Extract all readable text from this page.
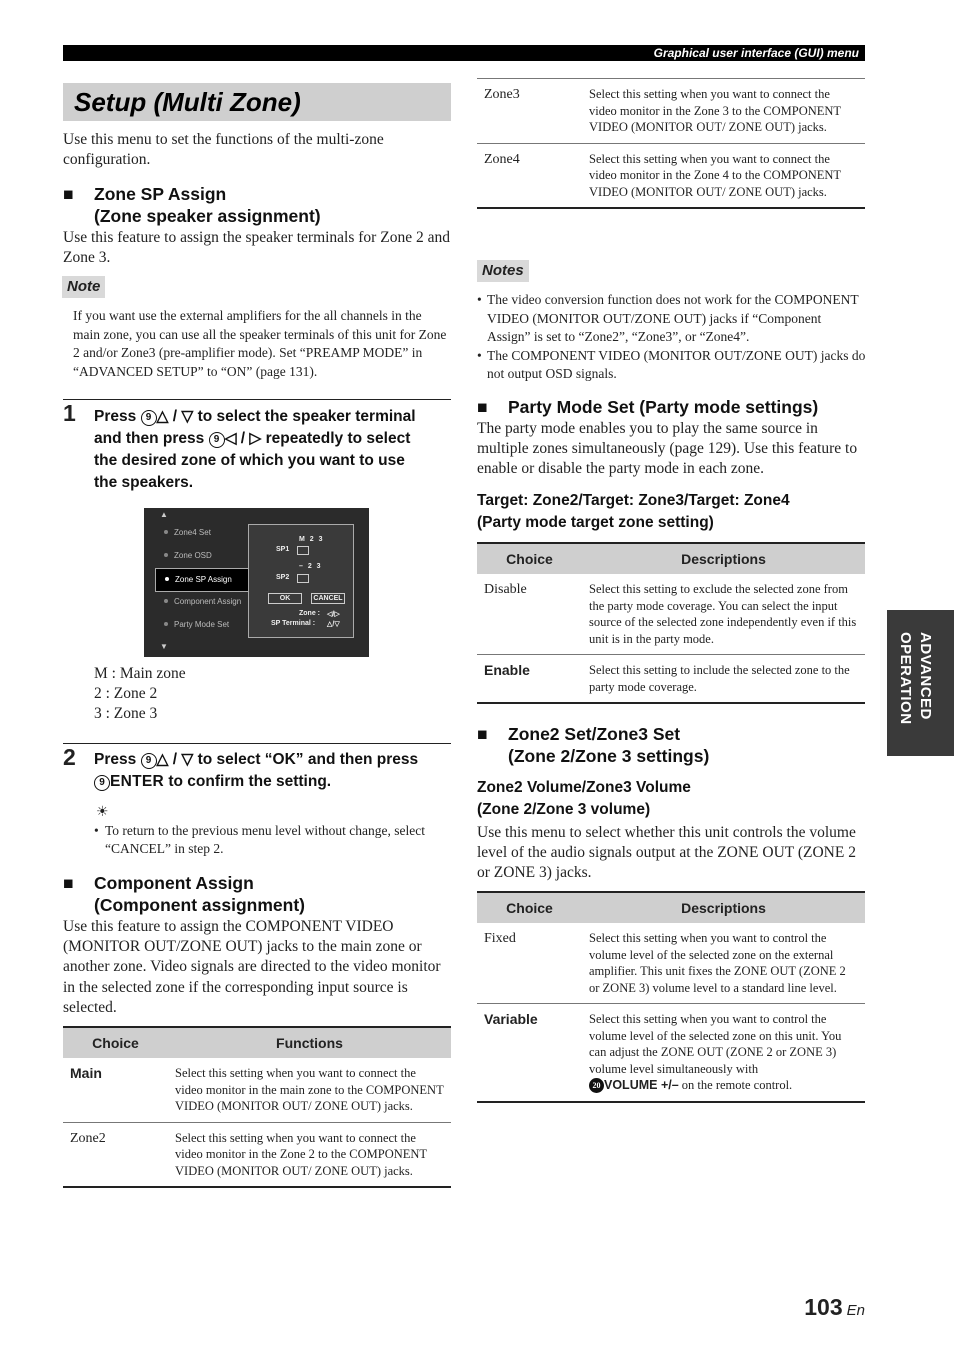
Graphical user interface (GUI) menu
Setup (Multi Zone)
Use this menu to set the functions of the multi-zone configuration.
■	Zone SP Assign
(Zone speaker assignment)
Use this feature to assign the speaker terminals for Zone 2 and Zone 3.
Note
If you want use the external amplifiers for the all channels in the main zone, you can use all the speaker terminals of this unit for Zone 2 and/or Zone3 (pre-amplifier mode). Set “PREAMP MODE” in “ADVANCED SETUP” to “ON” (page 131).
1 Press 9 △ / ▽ to select the speaker terminal
and then press 9 ◁ / ▷ repeatedly to select
the desired zone of which you want to use
the speakers.
▲
Zone4 Set
Zone OSD
Zone SP Assign
Component Assign
Party Mode Set
▼
M 2 3
SP1
– 2 3
SP2
OK	CANCEL
Zone : ◁/▷
SP Terminal : △/▽
M : Main zone
2 : Zone 2
3 : Zone 3
2 Press 9 △ / ▽ to select “OK” and then press
9 ENTER to confirm the setting.
☀
• To return to the previous menu level without change, select “CANCEL” in step 2.
■	Component Assign
(Component assignment)
Use this feature to assign the COMPONENT VIDEO (MONITOR OUT/ZONE OUT) jacks to the main zone or another zone. Video signals are directed to the video monitor in the selected zone if the corresponding input source is selected.
Choice	Functions
Main	Select this setting when you want to connect the video monitor in the main zone to the COMPONENT VIDEO (MONITOR OUT/ ZONE OUT) jacks.
Zone2	Select this setting when you want to connect the video monitor in the Zone 2 to the COMPONENT VIDEO (MONITOR OUT/ ZONE OUT) jacks.
Zone3	Select this setting when you want to connect the video monitor in the Zone 3 to the COMPONENT VIDEO (MONITOR OUT/ ZONE OUT) jacks.
Zone4	Select this setting when you want to connect the video monitor in the Zone 4 to the COMPONENT VIDEO (MONITOR OUT/ ZONE OUT) jacks.
Notes
• The video conversion function does not work for the COMPONENT VIDEO (MONITOR OUT/ZONE OUT) jacks if “Component Assign” is set to “Zone2”, “Zone3”, or “Zone4”.
• The COMPONENT VIDEO (MONITOR OUT/ZONE OUT) jacks do not output OSD signals.
■	Party Mode Set (Party mode settings)
The party mode enables you to play the same source in multiple zones simultaneously (page 129). Use this feature to enable or disable the party mode in each zone.
Target: Zone2/Target: Zone3/Target: Zone4
(Party mode target zone setting)
Choice	Descriptions
Disable	Select this setting to exclude the selected zone from the party mode coverage. You can select the input source of the selected zone independently even if this unit is in the party mode.
Enable	Select this setting to include the selected zone to the party mode coverage.
■	Zone2 Set/Zone3 Set
(Zone 2/Zone 3 settings)
Zone2 Volume/Zone3 Volume
(Zone 2/Zone 3 volume)
Use this menu to select whether this unit controls the volume level of the audio signals output at the ZONE OUT (ZONE 2 or ZONE 3) jacks.
Choice	Descriptions
Fixed	Select this setting when you want to control the volume level of the selected zone on the external amplifier. This unit fixes the ZONE OUT (ZONE 2 or ZONE 3) volume level to a standard line level.
Variable	Select this setting when you want to control the volume level of the selected zone on this unit. You can adjust the ZONE OUT (ZONE 2 or ZONE 3) volume level simultaneously with
20 VOLUME +/– on the remote control.
ADVANCED
OPERATION
103 En
